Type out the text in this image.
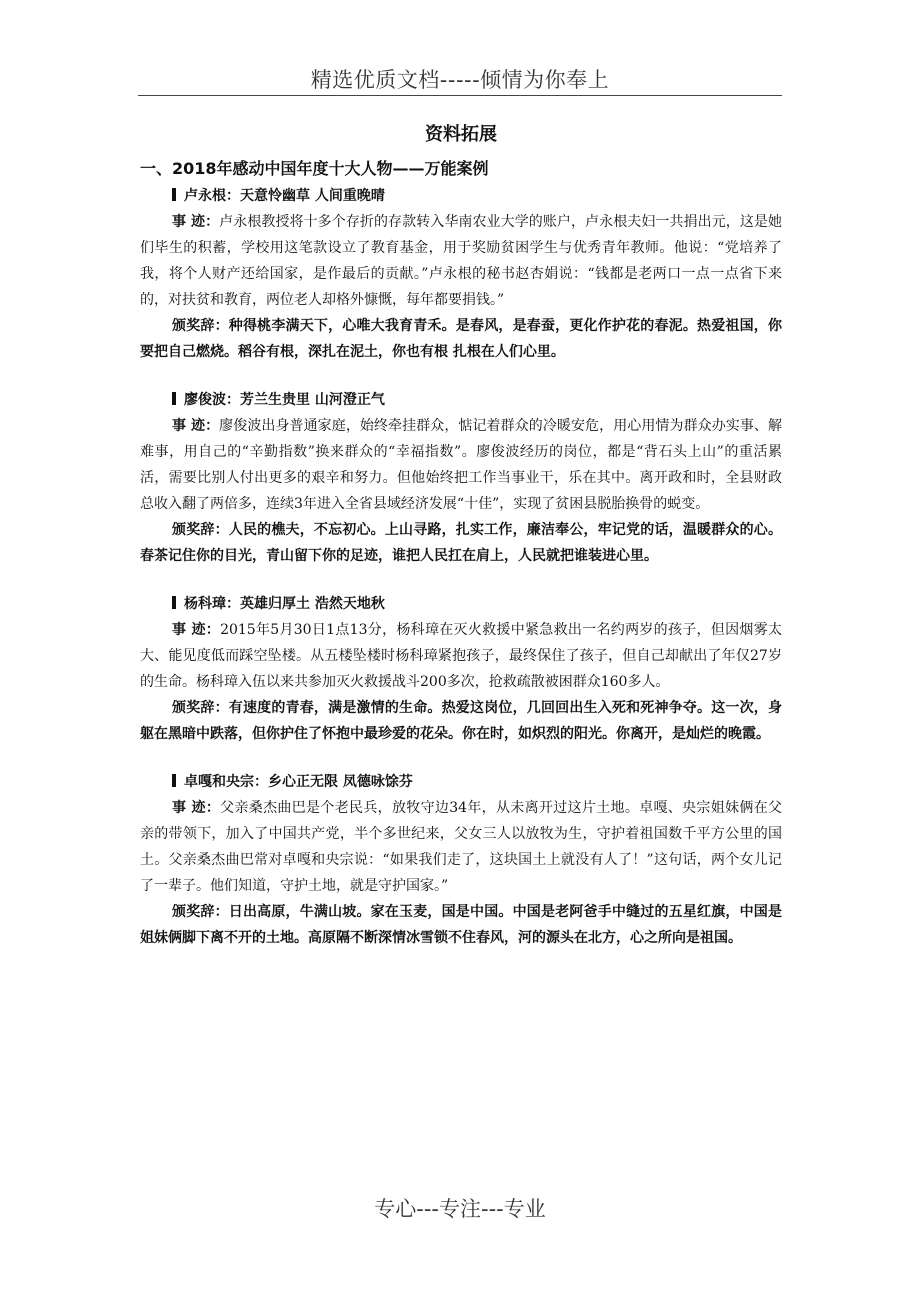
精选优质文档-----倾情为你奉上
资料拓展
一、2018年感动中国年度十大人物——万能案例
卢永根：天意怜幽草 人间重晚晴

事 迹：卢永根教授将十多个存折的存款转入华南农业大学的账户，卢永根夫妇一共捐出元，这是她们毕生的积蓄，学校用这笔款设立了教育基金，用于奖励贫困学生与优秀青年教师。他说：“党培养了我，将个人财产还给国家，是作最后的贡献。”卢永根的秘书赵杏娟说：“钱都是老两口一点一点省下来的，对扶贫和教育，两位老人却格外慷慨，每年都要捐钱。”

颁奖辞：种得桃李满天下，心唯大我育青禾。是春风，是春蚕，更化作护花的春泥。热爱祖国，你要把自己燃烧。稻谷有根，深扎在泥土，你也有根 扎根在人们心里。

廖俊波：芳兰生贵里 山河澄正气

事 迹：廖俊波出身普通家庭，始终牵挂群众，惦记着群众的冷暖安危，用心用情为群众办实事、解难事，用自己的“辛勤指数”换来群众的“幸福指数”。廖俊波经历的岗位，都是“背石头上山”的重活累活，需要比别人付出更多的艰辛和努力。但他始终把工作当事业干，乐在其中。离开政和时，全县财政总收入翻了两倍多，连续3年进入全省县域经济发展“十佳”，实现了贫困县脱胎换骨的蜕变。

颁奖辞：人民的樵夫，不忘初心。上山寻路，扎实工作，廉洁奉公，牢记党的话，温暖群众的心。春茶记住你的目光，青山留下你的足迹，谁把人民扛在肩上，人民就把谁装进心里。

杨科璋：英雄归厚土 浩然天地秋

事 迹：2015年5月30日1点13分，杨科璋在灭火救援中紧急救出一名约两岁的孩子，但因烟雾太大、能见度低而踩空坠楼。从五楼坠楼时杨科璋紧抱孩子，最终保住了孩子，但自己却献出了年仅27岁的生命。杨科璋入伍以来共参加灭火救援战斗200多次，抢救疏散被困群众160多人。

颁奖辞：有速度的青春，满是激情的生命。热爱这岗位，几回回出生入死和死神争夺。这一次，身躯在黑暗中跌落，但你护住了怀抱中最珍爱的花朵。你在时，如炽烈的阳光。你离开，是灿烂的晚霞。

卓嘎和央宗：乡心正无限 凤德咏馀芬

事 迹：父亲桑杰曲巴是个老民兵，放牧守边34年，从未离开过这片土地。卓嘎、央宗姐妹俩在父亲的带领下，加入了中国共产党，半个多世纪来，父女三人以放牧为生，守护着祖国数千平方公里的国土。父亲桑杰曲巴常对卓嘎和央宗说：“如果我们走了，这块国土上就没有人了！”这句话，两个女儿记了一辈子。他们知道，守护土地，就是守护国家。”

颁奖辞：日出高原，牛满山坡。家在玉麦，国是中国。中国是老阿爸手中缝过的五星红旗，中国是姐妹俩脚下离不开的土地。高原隔不断深情冰雪锁不住春风，河的源头在北方，心之所向是祖国。

专心---专注---专业
